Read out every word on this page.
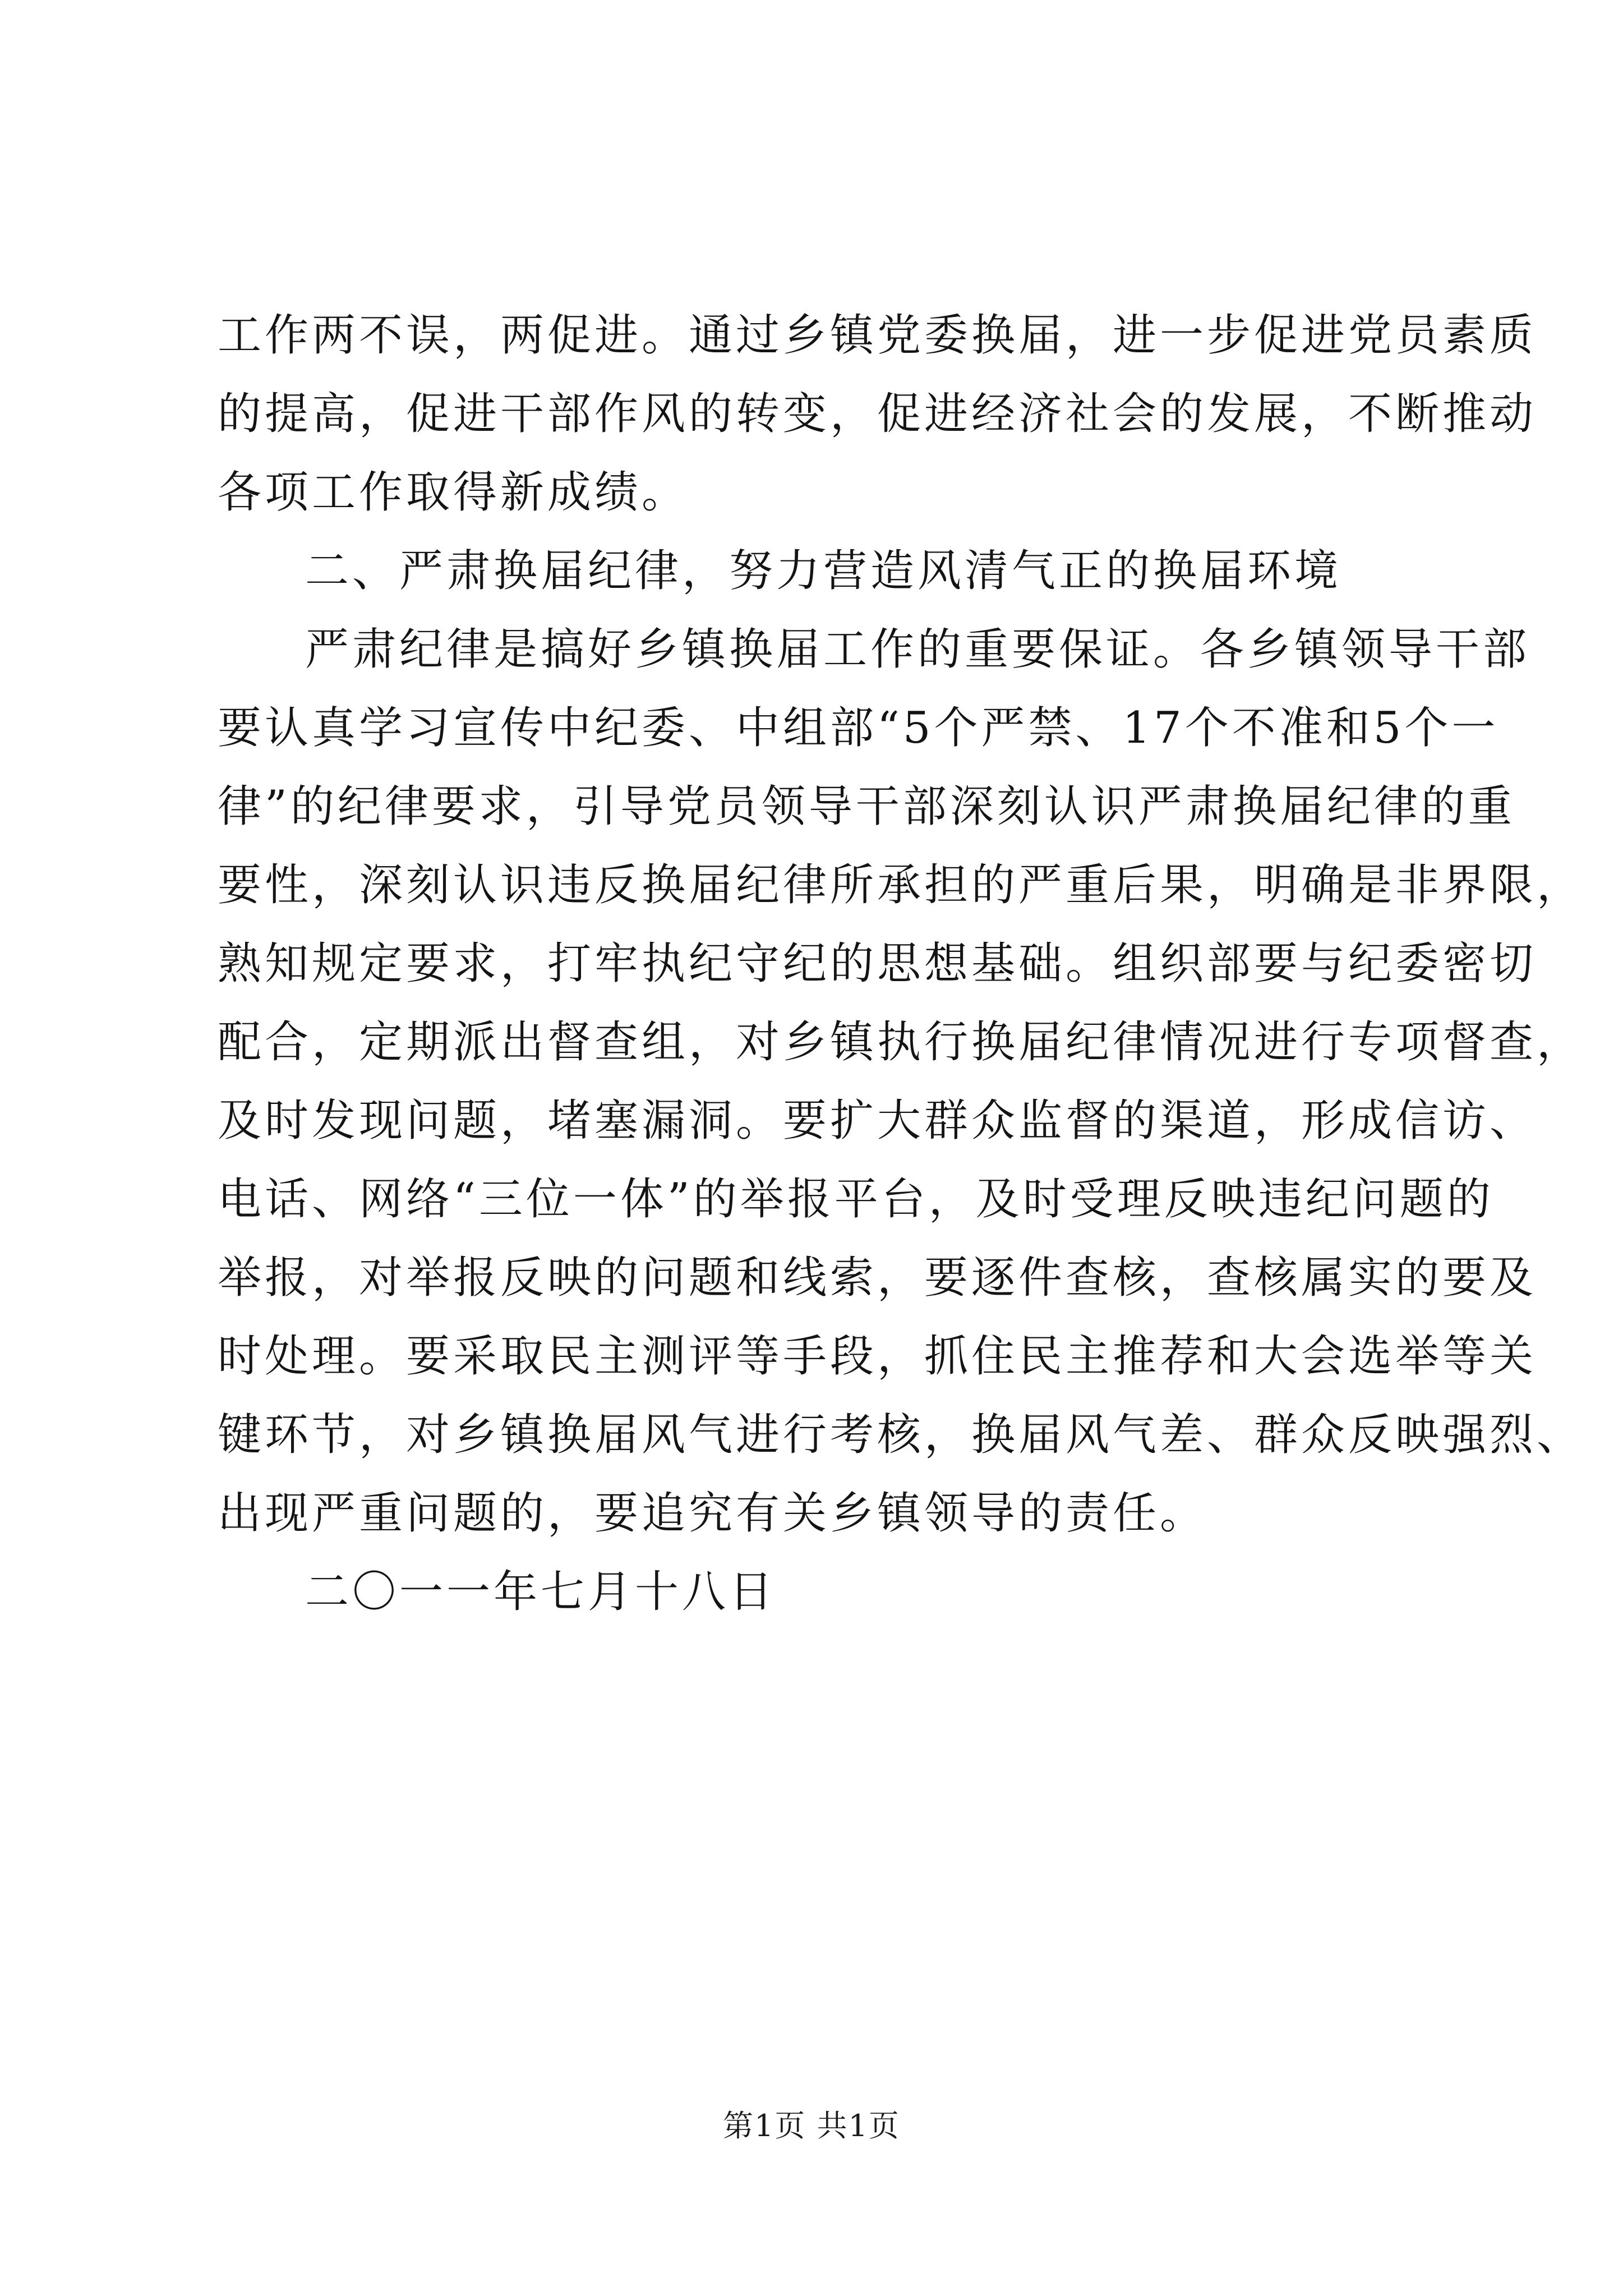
工作两不误，两促进。通过乡镇党委换届，进一步促进党员素质
的提高，促进干部作风的转变，促进经济社会的发展，不断推动
各项工作取得新成绩。
二、严肃换届纪律，努力营造风清气正的换届环境
严肃纪律是搞好乡镇换届工作的重要保证。各乡镇领导干部
要认真学习宣传中纪委、中组部“5个严禁、17个不准和5个一
律”的纪律要求，引导党员领导干部深刻认识严肃换届纪律的重
要性，深刻认识违反换届纪律所承担的严重后果，明确是非界限，
熟知规定要求，打牢执纪守纪的思想基础。组织部要与纪委密切
配合，定期派出督查组，对乡镇执行换届纪律情况进行专项督查，
及时发现问题，堵塞漏洞。要扩大群众监督的渠道，形成信访、
电话、网络“三位一体”的举报平台，及时受理反映违纪问题的
举报，对举报反映的问题和线索，要逐件查核，查核属实的要及
时处理。要采取民主测评等手段，抓住民主推荐和大会选举等关
键环节，对乡镇换届风气进行考核，换届风气差、群众反映强烈、
出现严重问题的，要追究有关乡镇领导的责任。
二〇一一年七月十八日
第1页 共1页
